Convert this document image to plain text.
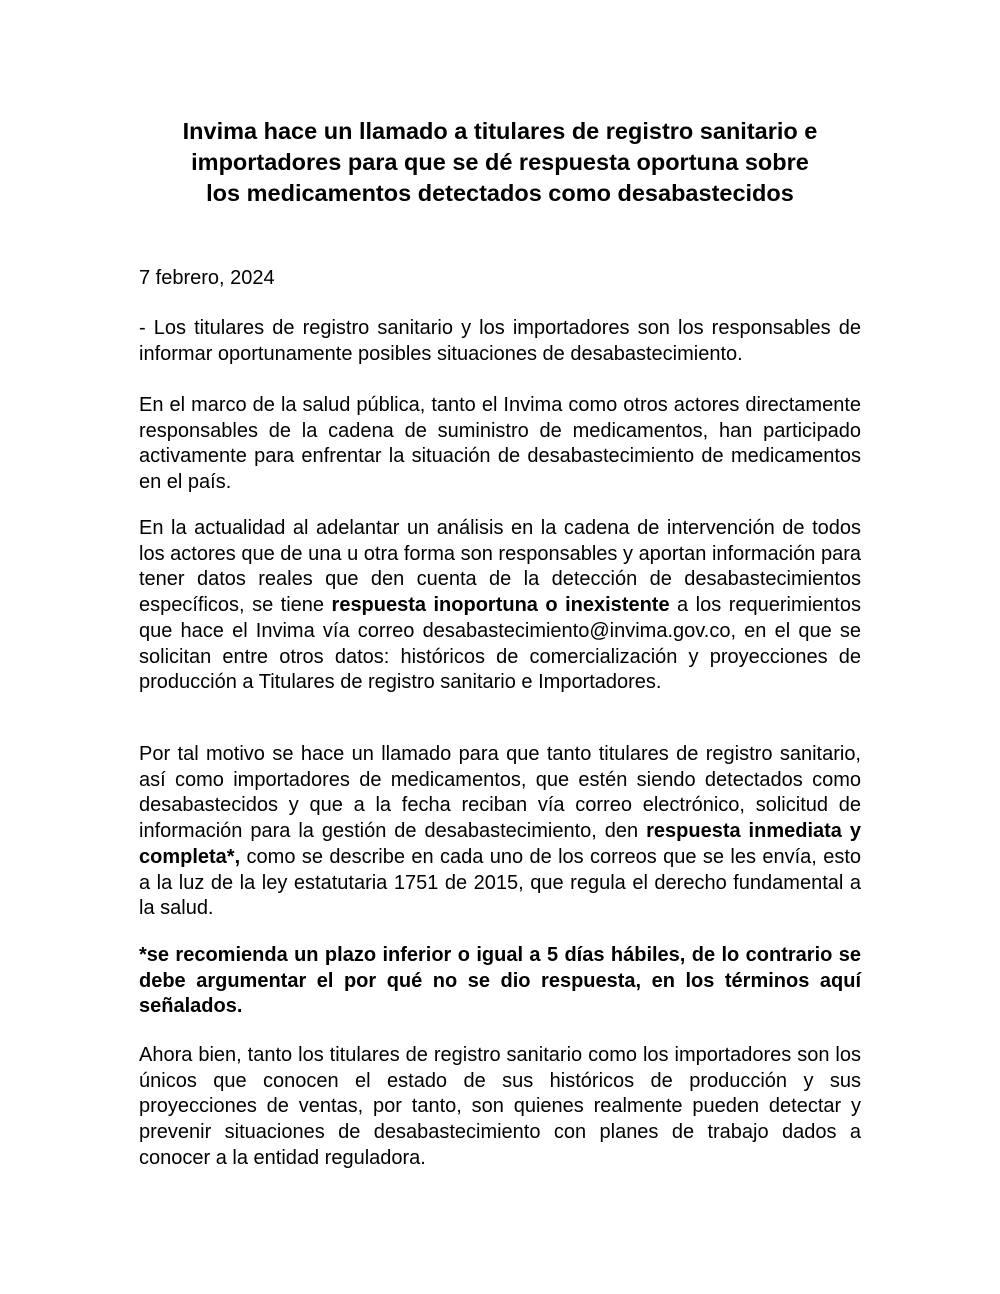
Invima hace un llamado a titulares de registro sanitario e
importadores para que se dé respuesta oportuna sobre
los medicamentos detectados como desabastecidos

7 febrero, 2024

- Los titulares de registro sanitario y los importadores son los responsables de informar oportunamente posibles situaciones de desabastecimiento.

En el marco de la salud pública, tanto el Invima como otros actores directamente responsables de la cadena de suministro de medicamentos, han participado activamente para enfrentar la situación de desabastecimiento de medicamentos en el país.

En la actualidad al adelantar un análisis en la cadena de intervención de todos los actores que de una u otra forma son responsables y aportan información para tener datos reales que den cuenta de la detección de desabastecimientos específicos, se tiene respuesta inoportuna o inexistente a los requerimientos que hace el Invima vía correo desabastecimiento@invima.gov.co, en el que se solicitan entre otros datos: históricos de comercialización y proyecciones de producción a Titulares de registro sanitario e Importadores.

Por tal motivo se hace un llamado para que tanto titulares de registro sanitario, así como importadores de medicamentos, que estén siendo detectados como desabastecidos y que a la fecha reciban vía correo electrónico, solicitud de información para la gestión de desabastecimiento, den respuesta inmediata y completa*, como se describe en cada uno de los correos que se les envía, esto a la luz de la ley estatutaria 1751 de 2015, que regula el derecho fundamental a la salud.

*se recomienda un plazo inferior o igual a 5 días hábiles, de lo contrario se debe argumentar el por qué no se dio respuesta, en los términos aquí señalados.

Ahora bien, tanto los titulares de registro sanitario como los importadores son los únicos que conocen el estado de sus históricos de producción y sus proyecciones de ventas, por tanto, son quienes realmente pueden detectar y prevenir situaciones de desabastecimiento con planes de trabajo dados a conocer a la entidad reguladora.
